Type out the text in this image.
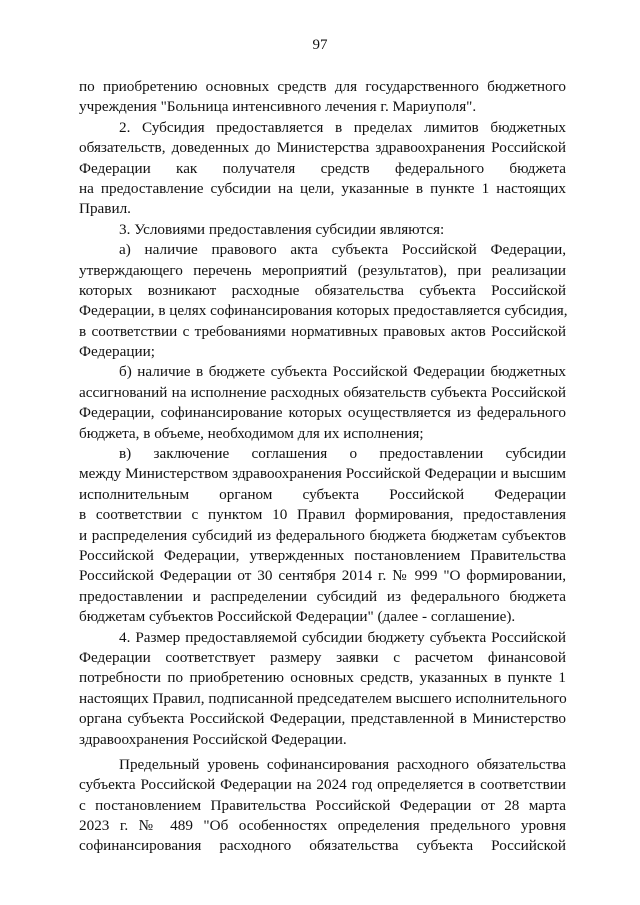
97
по приобретению основных средств для государственного бюджетного
учреждения "Больница интенсивного лечения г. Мариуполя".
2. Субсидия предоставляется в пределах лимитов бюджетных
обязательств, доведенных до Министерства здравоохранения Российской
Федерации как получателя средств федерального бюджета
на предоставление субсидии на цели, указанные в пункте 1 настоящих
Правил.
3. Условиями предоставления субсидии являются:
а) наличие правового акта субъекта Российской Федерации,
утверждающего перечень мероприятий (результатов), при реализации
которых возникают расходные обязательства субъекта Российской
Федерации, в целях софинансирования которых предоставляется субсидия,
в соответствии с требованиями нормативных правовых актов Российской
Федерации;
б) наличие в бюджете субъекта Российской Федерации бюджетных
ассигнований на исполнение расходных обязательств субъекта Российской
Федерации, софинансирование которых осуществляется из федерального
бюджета, в объеме, необходимом для их исполнения;
в) заключение соглашения о предоставлении субсидии
между Министерством здравоохранения Российской Федерации и высшим
исполнительным органом субъекта Российской Федерации
в соответствии с пунктом 10 Правил формирования, предоставления
и распределения субсидий из федерального бюджета бюджетам субъектов
Российской Федерации, утвержденных постановлением Правительства
Российской Федерации от 30 сентября 2014 г. № 999 "О формировании,
предоставлении и распределении субсидий из федерального бюджета
бюджетам субъектов Российской Федерации" (далее - соглашение).
4. Размер предоставляемой субсидии бюджету субъекта Российской
Федерации соответствует размеру заявки с расчетом финансовой
потребности по приобретению основных средств, указанных в пункте 1
настоящих Правил, подписанной председателем высшего исполнительного
органа субъекта Российской Федерации, представленной в Министерство
здравоохранения Российской Федерации.
Предельный уровень софинансирования расходного обязательства
субъекта Российской Федерации на 2024 год определяется в соответствии
с постановлением Правительства Российской Федерации от 28 марта
2023 г. № 489 "Об особенностях определения предельного уровня
софинансирования расходного обязательства субъекта Российской
